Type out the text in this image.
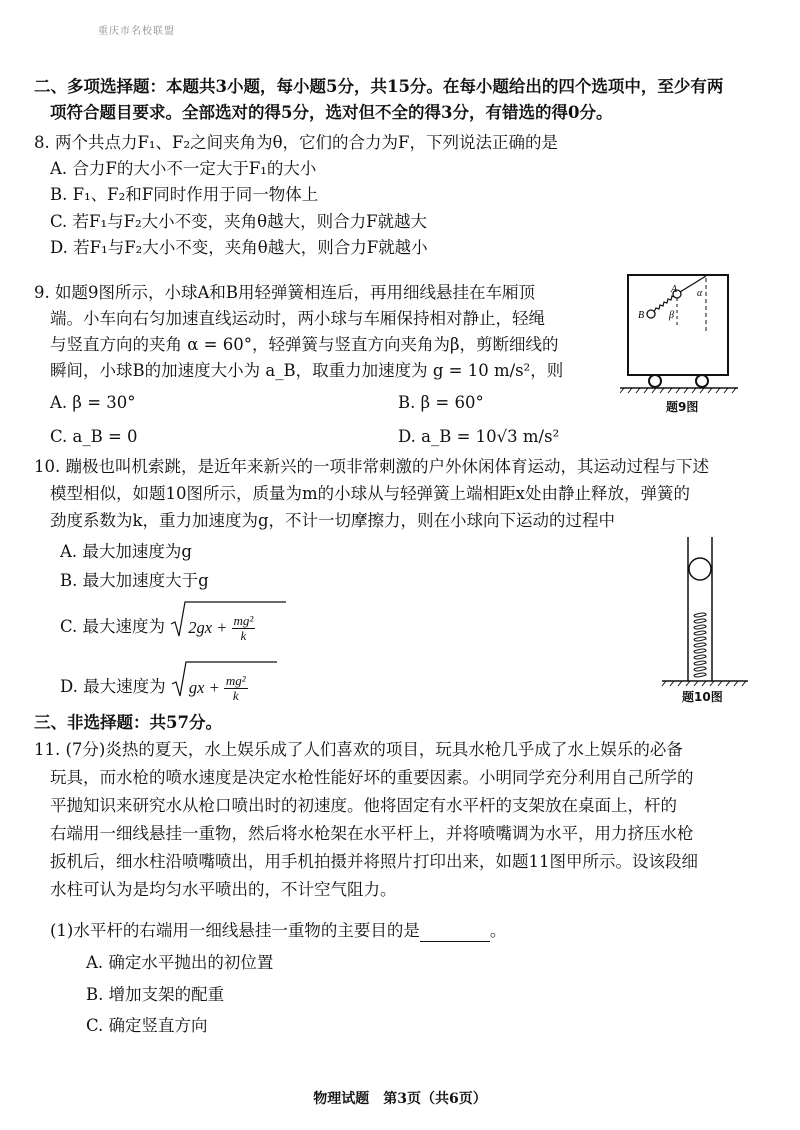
重庆市名校联盟
二、多项选择题：本题共3小题，每小题5分，共15分。在每小题给出的四个选项中，至少有两
项符合题目要求。全部选对的得5分，选对但不全的得3分，有错选的得0分。
8. 两个共点力F₁、F₂之间夹角为θ，它们的合力为F，下列说法正确的是
A. 合力F的大小不一定大于F₁的大小
B. F₁、F₂和F同时作用于同一物体上
C. 若F₁与F₂大小不变，夹角θ越大，则合力F就越大
D. 若F₁与F₂大小不变，夹角θ越大，则合力F就越小
9. 如题9图所示，小球A和B用轻弹簧相连后，再用细线悬挂在车厢顶
端。小车向右匀加速直线运动时，两小球与车厢保持相对静止，轻绳
与竖直方向的夹角 α = 60°，轻弹簧与竖直方向夹角为β，剪断细线的
瞬间，小球B的加速度大小为 a_B，取重力加速度为 g = 10 m/s²，则
A. β = 30°	B. β = 60°
C. a_B = 0	D. a_B = 10√3 m/s²
A
B
α
β
题9图
10. 蹦极也叫机索跳，是近年来新兴的一项非常刺激的户外休闲体育运动，其运动过程与下述
模型相似，如题10图所示，质量为m的小球从与轻弹簧上端相距x处由静止释放，弹簧的
劲度系数为k，重力加速度为g，不计一切摩擦力，则在小球向下运动的过程中
A. 最大加速度为g
B. 最大加速度大于g
C. 最大速度为 $2gx + \frac{\text{mg²}}{k}$
D. 最大速度为 gx + $\frac{\text{mg²}}{k}$	题10图
三、非选择题：共57分。
11. (7分)炎热的夏天，水上娱乐成了人们喜欢的项目，玩具水枪几乎成了水上娱乐的必备
玩具，而水枪的喷水速度是决定水枪性能好坏的重要因素。小明同学充分利用自己所学的
平抛知识来研究水从枪口喷出时的初速度。他将固定有水平杆的支架放在桌面上，杆的
右端用一细线悬挂一重物，然后将水枪架在水平杆上，并将喷嘴调为水平，用力挤压水枪
扳机后，细水柱沿喷嘴喷出，用手机拍摄并将照片打印出来，如题11图甲所示。设该段细
水柱可认为是均匀水平喷出的，不计空气阻力。
(1)水平杆的右端用一细线悬挂一重物的主要目的是	。
A. 确定水平抛出的初位置
B. 增加支架的配重
C. 确定竖直方向
物理试题　第3页（共6页）
